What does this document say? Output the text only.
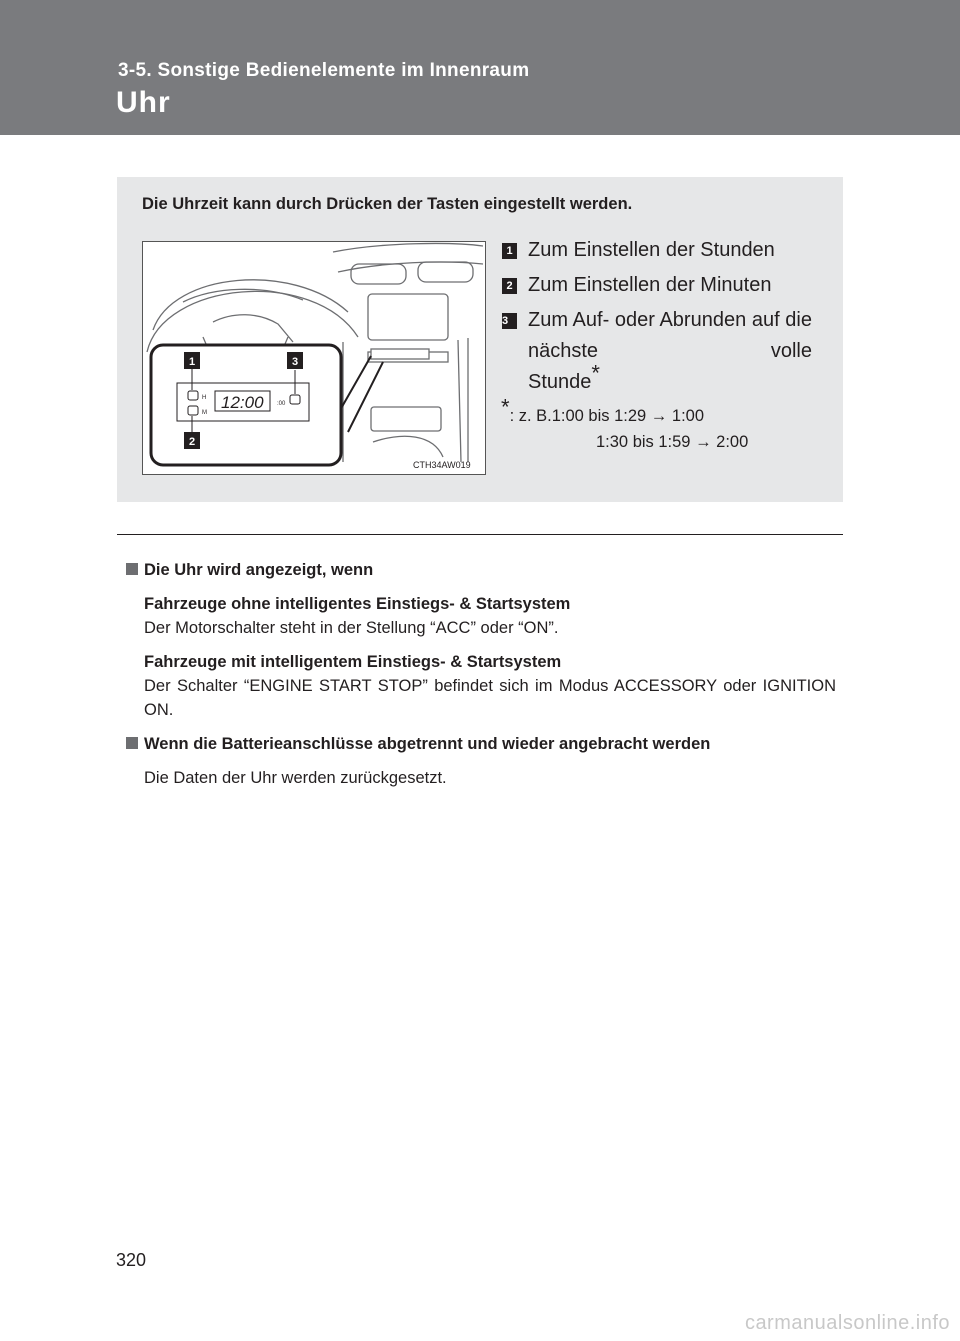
3-5. Sonstige Bedienelemente im Innenraum
Uhr
Die Uhrzeit kann durch Drücken der Tasten eingestellt werden.
H
M
12:00 :00
1
2
3
CTH34AW019
1 Zum Einstellen der Stunden
2 Zum Einstellen der Minuten
3 Zum Auf- oder Abrunden auf die nächste volle
Stunde*
*: z. B.1:00 bis 1:29 → 1:00
1:30 bis 1:59 → 2:00
Die Uhr wird angezeigt, wenn
Fahrzeuge ohne intelligentes Einstiegs- & Startsystem
Der Motorschalter steht in der Stellung “ACC” oder “ON”.
Fahrzeuge mit intelligentem Einstiegs- & Startsystem
Der Schalter “ENGINE START STOP” befindet sich im Modus ACCESSORY oder IGNITION ON.
Wenn die Batterieanschlüsse abgetrennt und wieder angebracht werden
Die Daten der Uhr werden zurückgesetzt.
320
carmanualsonline.info
